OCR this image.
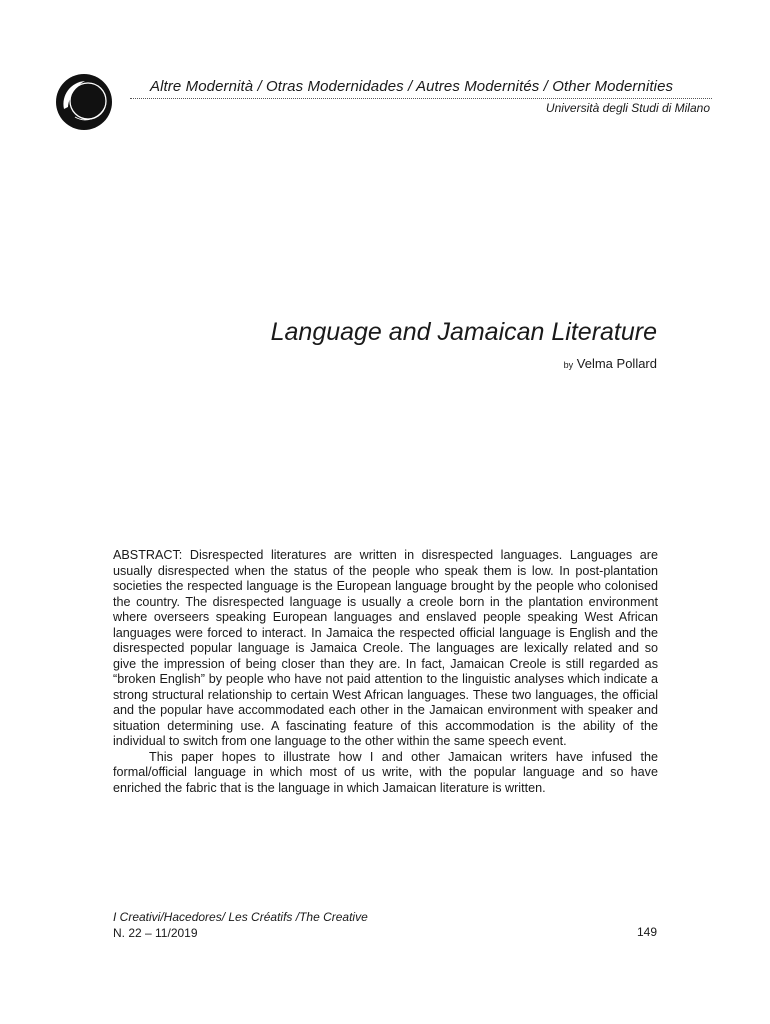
Altre Modernità / Otras Modernidades / Autres Modernités / Other Modernities
Università degli Studi di Milano
Language and Jamaican Literature
by Velma Pollard

ABSTRACT: Disrespected literatures are written in disrespected languages. Languages are usually disrespected when the status of the people who speak them is low. In post-plantation societies the respected language is the European language brought by the people who colonised the country. The disrespected language is usually a creole born in the plantation environment where overseers speaking European languages and enslaved people speaking West African languages were forced to interact. In Jamaica the respected official language is English and the disrespected popular language is Jamaica Creole. The languages are lexically related and so give the impression of being closer than they are. In fact, Jamaican Creole is still regarded as “broken English” by people who have not paid attention to the linguistic analyses which indicate a strong structural relationship to certain West African languages. These two languages, the official and the popular have accommodated each other in the Jamaican environment with speaker and situation determining use. A fascinating feature of this accommodation is the ability of the individual to switch from one language to the other within the same speech event.

This paper hopes to illustrate how I and other Jamaican writers have infused the formal/official language in which most of us write, with the popular language and so have enriched the fabric that is the language in which Jamaican literature is written.

I Creativi/Hacedores/ Les Créatifs /The Creative
N. 22 – 11/2019	149
